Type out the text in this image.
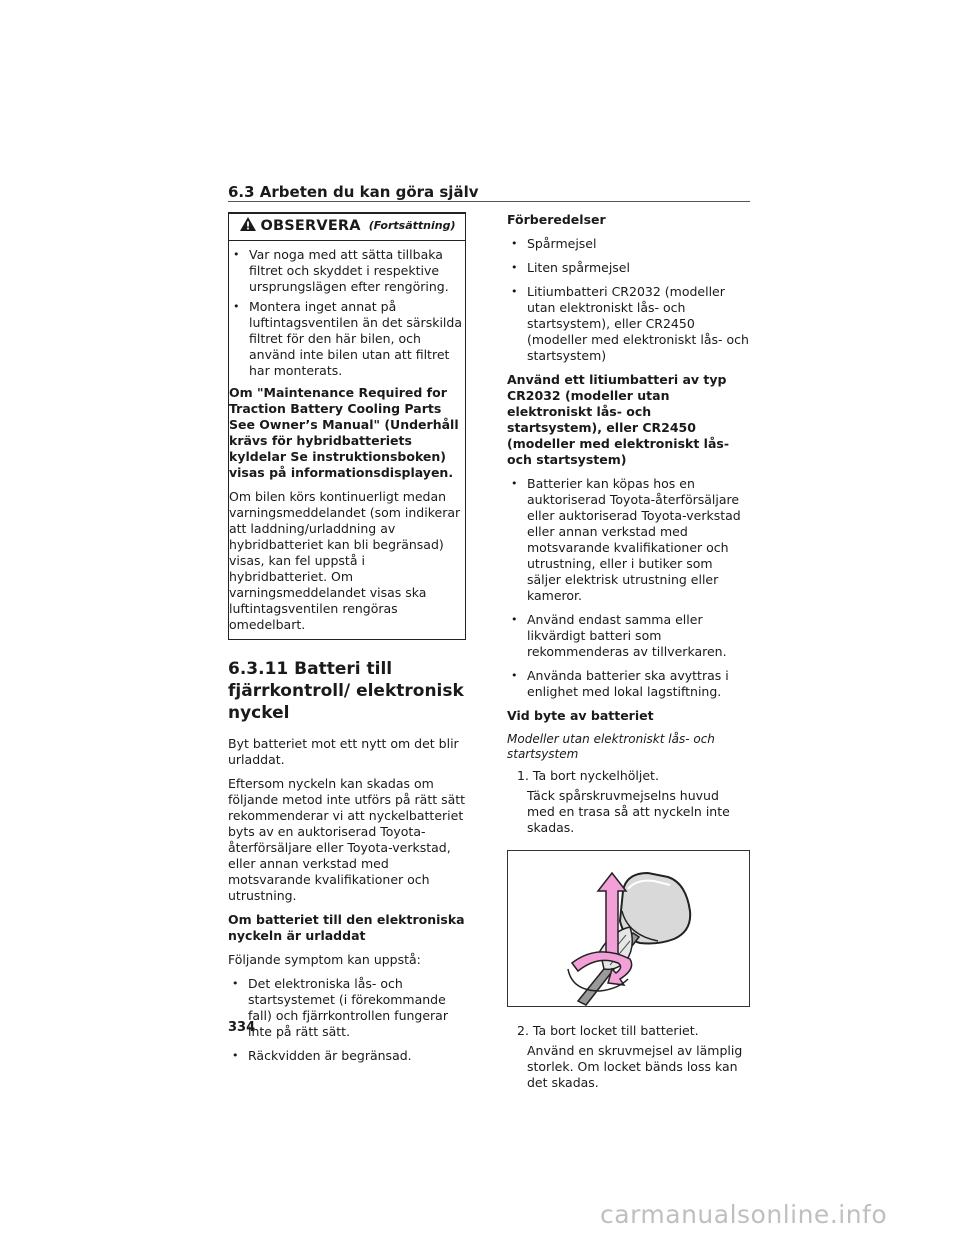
6.3 Arbeten du kan göra själv
OBSERVERA (Fortsättning)
• Var noga med att sätta tillbaka filtret och skyddet i respektive ursprungslägen efter rengöring.
• Montera inget annat på luftintagsventilen än det särskilda filtret för den här bilen, och använd inte bilen utan att filtret har monterats.
Om "Maintenance Required for Traction Battery Cooling Parts See Owner’s Manual" (Underhåll krävs för hybridbatteriets kyldelar Se instruktionsboken) visas på informationsdisplayen.

Om bilen körs kontinuerligt medan varningsmeddelandet (som indikerar att laddning/urladdning av hybridbatteriet kan bli begränsad) visas, kan fel uppstå i hybridbatteriet. Om varningsmeddelandet visas ska luftintagsventilen rengöras omedelbart.

6.3.11 Batteri till fjärrkontroll/ elektronisk nyckel

Byt batteriet mot ett nytt om det blir urladdat.

Eftersom nyckeln kan skadas om följande metod inte utförs på rätt sätt rekommenderar vi att nyckelbatteriet byts av en auktoriserad Toyota-återförsäljare eller Toyota-verkstad, eller annan verkstad med motsvarande kvalifikationer och utrustning.

Om batteriet till den elektroniska nyckeln är urladdat

Följande symptom kan uppstå:

• Det elektroniska lås- och startsystemet (i förekommande fall) och fjärrkontrollen fungerar inte på rätt sätt.
• Räckvidden är begränsad.
Förberedelser
• Spårmejsel
• Liten spårmejsel
• Litiumbatteri CR2032 (modeller utan elektroniskt lås- och startsystem), eller CR2450 (modeller med elektroniskt lås- och startsystem)
Använd ett litiumbatteri av typ CR2032 (modeller utan elektroniskt lås- och startsystem), eller CR2450 (modeller med elektroniskt lås- och startsystem)
• Batterier kan köpas hos en auktoriserad Toyota-återförsäljare eller auktoriserad Toyota-verkstad eller annan verkstad med motsvarande kvalifikationer och utrustning, eller i butiker som säljer elektrisk utrustning eller kameror.
• Använd endast samma eller likvärdigt batteri som rekommenderas av tillverkaren.
• Använda batterier ska avyttras i enlighet med lokal lagstiftning.
Vid byte av batteriet
Modeller utan elektroniskt lås- och startsystem
1. Ta bort nyckelhöljet.
Täck spårskruvmejselns huvud med en trasa så att nyckeln inte skadas.
2. Ta bort locket till batteriet.
Använd en skruvmejsel av lämplig storlek. Om locket bänds loss kan det skadas.
334
carmanualsonline.info
